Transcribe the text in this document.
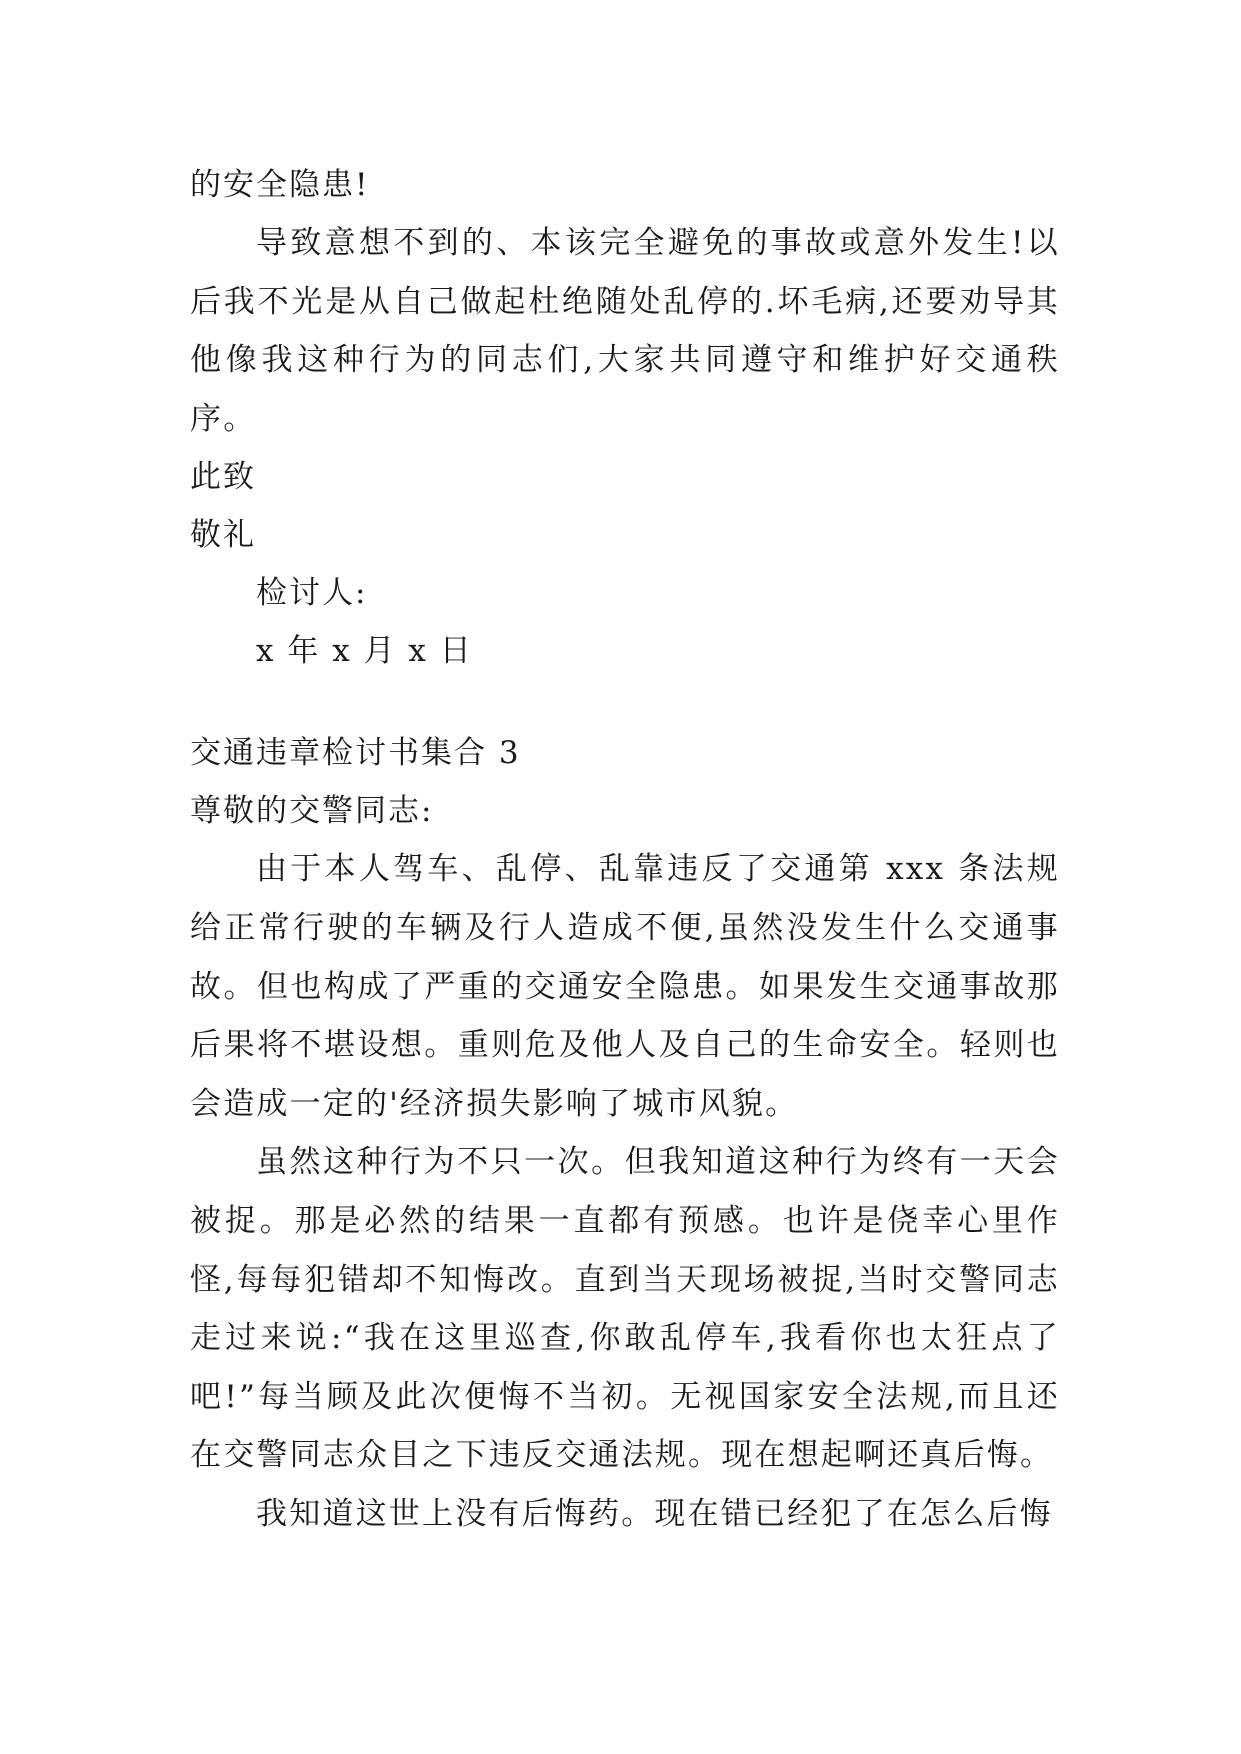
的安全隐患!

导致意想不到的、本该完全避免的事故或意外发生!以后我不光是从自己做起杜绝随处乱停的.坏毛病,还要劝导其他像我这种行为的同志们,大家共同遵守和维护好交通秩序。

此致
敬礼
检讨人:
x 年 x 月 x 日
交通违章检讨书集合 3
尊敬的交警同志:

由于本人驾车、乱停、乱靠违反了交通第 xxx 条法规给正常行驶的车辆及行人造成不便,虽然没发生什么交通事故。但也构成了严重的交通安全隐患。如果发生交通事故那后果将不堪设想。重则危及他人及自己的生命安全。轻则也会造成一定的'经济损失影响了城市风貌。

虽然这种行为不只一次。但我知道这种行为终有一天会被捉。那是必然的结果一直都有预感。也许是侥幸心里作怪,每每犯错却不知悔改。直到当天现场被捉,当时交警同志走过来说:“我在这里巡查,你敢乱停车,我看你也太狂点了吧!”每当顾及此次便悔不当初。无视国家安全法规,而且还在交警同志众目之下违反交通法规。现在想起啊还真后悔。

我知道这世上没有后悔药。现在错已经犯了在怎么后悔
